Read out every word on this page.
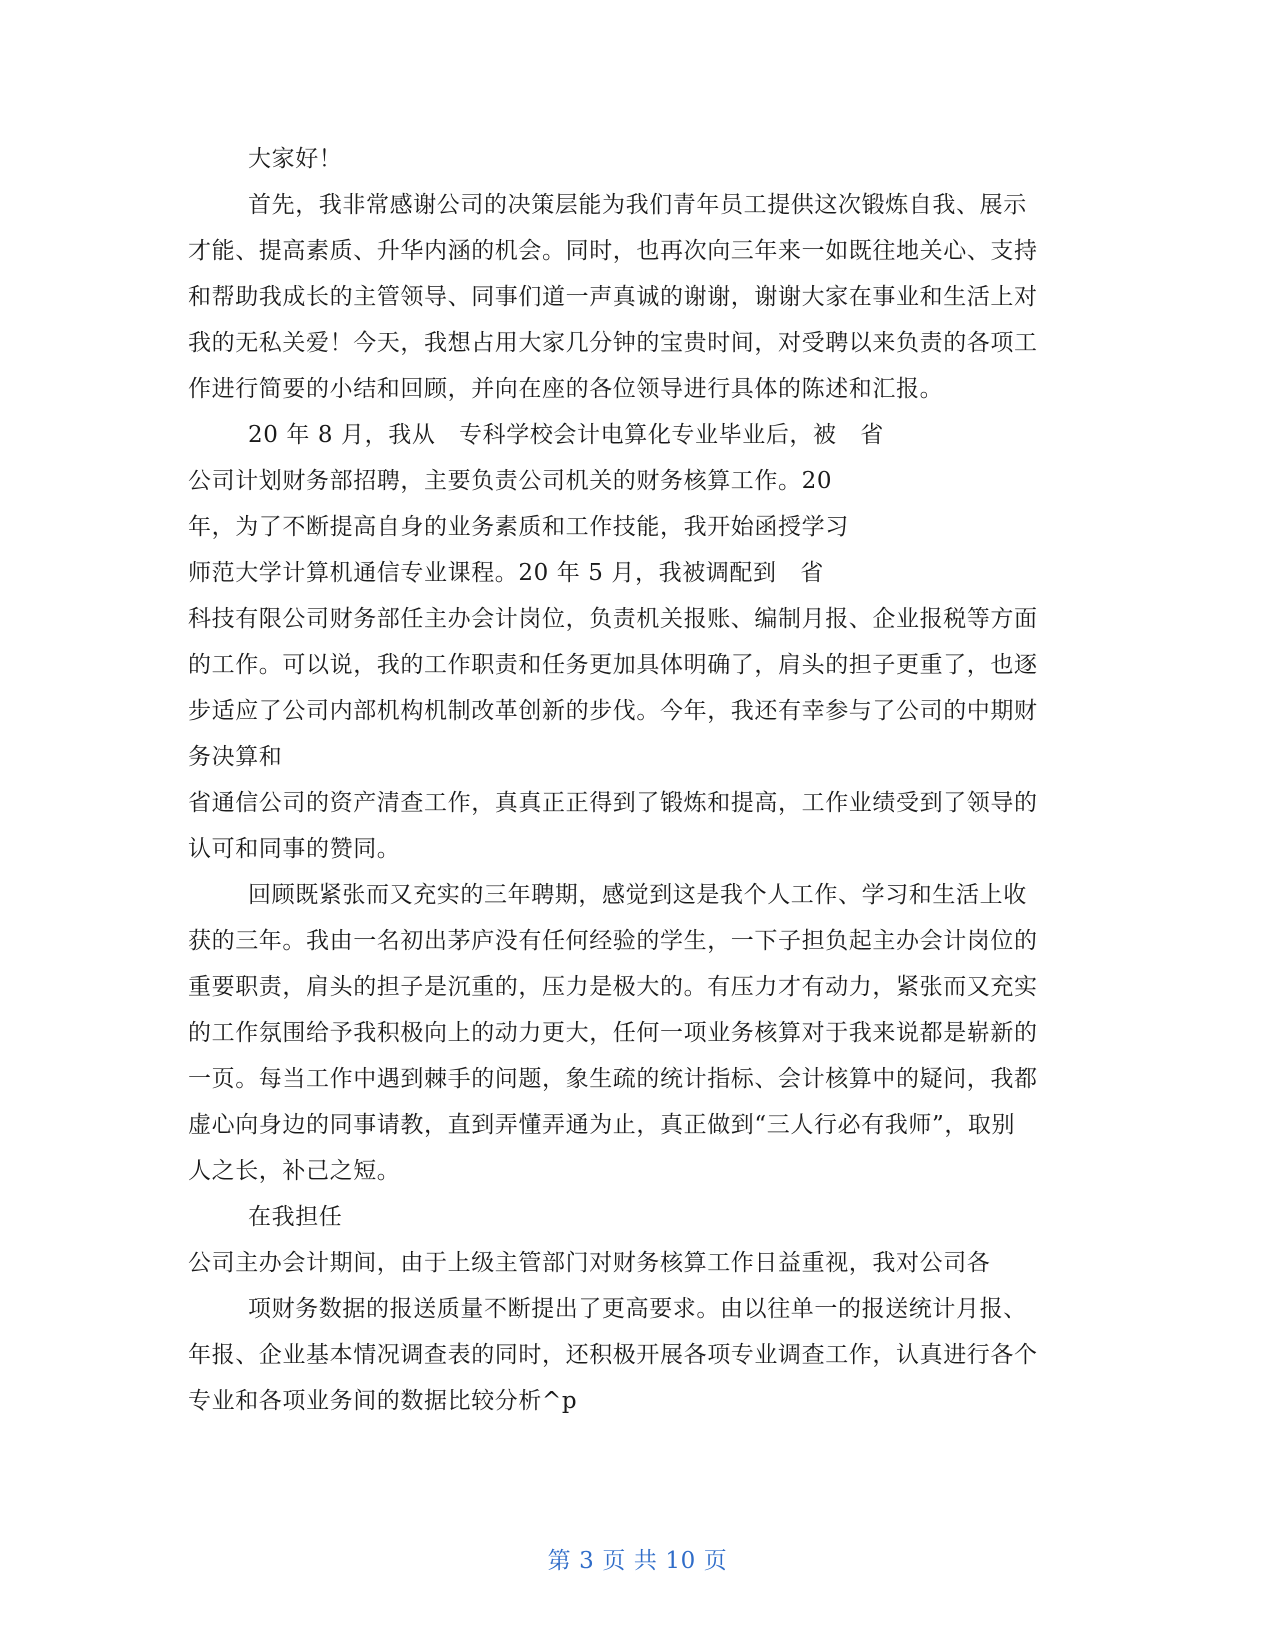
大家好！
首先，我非常感谢公司的决策层能为我们青年员工提供这次锻炼自我、展示
才能、提高素质、升华内涵的机会。同时，也再次向三年来一如既往地关心、支持
和帮助我成长的主管领导、同事们道一声真诚的谢谢，谢谢大家在事业和生活上对
我的无私关爱！今天，我想占用大家几分钟的宝贵时间，对受聘以来负责的各项工
作进行简要的小结和回顾，并向在座的各位领导进行具体的陈述和汇报。
20 年 8 月，我从　专科学校会计电算化专业毕业后，被　省
公司计划财务部招聘，主要负责公司机关的财务核算工作。20
年，为了不断提高自身的业务素质和工作技能，我开始函授学习
师范大学计算机通信专业课程。20 年 5 月，我被调配到　省
科技有限公司财务部任主办会计岗位，负责机关报账、编制月报、企业报税等方面
的工作。可以说，我的工作职责和任务更加具体明确了，肩头的担子更重了，也逐
步适应了公司内部机构机制改革创新的步伐。今年，我还有幸参与了公司的中期财
务决算和
省通信公司的资产清查工作，真真正正得到了锻炼和提高，工作业绩受到了领导的
认可和同事的赞同。
回顾既紧张而又充实的三年聘期，感觉到这是我个人工作、学习和生活上收
获的三年。我由一名初出茅庐没有任何经验的学生，一下子担负起主办会计岗位的
重要职责，肩头的担子是沉重的，压力是极大的。有压力才有动力，紧张而又充实
的工作氛围给予我积极向上的动力更大，任何一项业务核算对于我来说都是崭新的
一页。每当工作中遇到棘手的问题，象生疏的统计指标、会计核算中的疑问，我都
虚心向身边的同事请教，直到弄懂弄通为止，真正做到“三人行必有我师”，取别
人之长，补己之短。
在我担任
公司主办会计期间，由于上级主管部门对财务核算工作日益重视，我对公司各
项财务数据的报送质量不断提出了更高要求。由以往单一的报送统计月报、
年报、企业基本情况调查表的同时，还积极开展各项专业调查工作，认真进行各个
专业和各项业务间的数据比较分析^p
第 3 页 共 10 页
